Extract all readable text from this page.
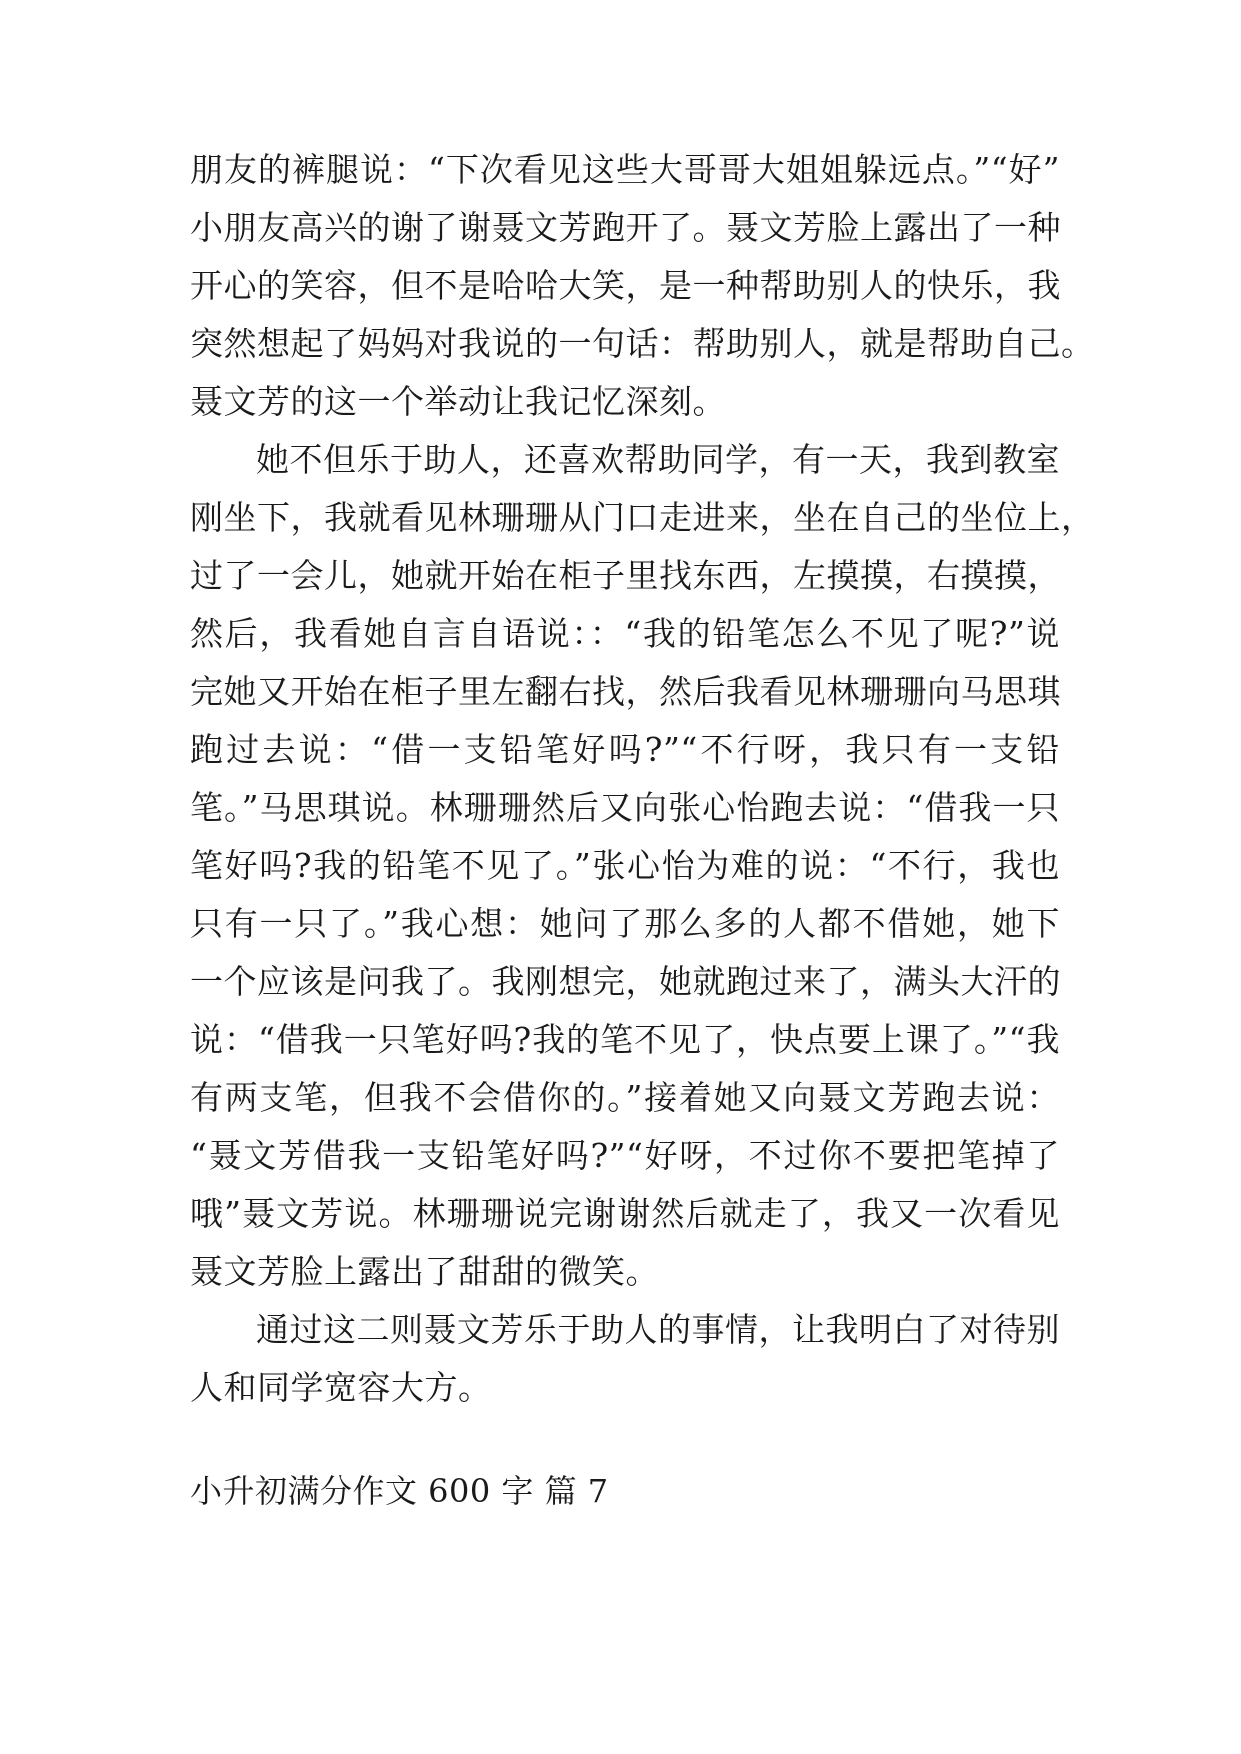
朋友的裤腿说：“下次看见这些大哥哥大姐姐躲远点。”“好”
小朋友高兴的谢了谢聂文芳跑开了。聂文芳脸上露出了一种
开心的笑容，但不是哈哈大笑，是一种帮助别人的快乐，我
突然想起了妈妈对我说的一句话：帮助别人，就是帮助自己。
聂文芳的这一个举动让我记忆深刻。
她不但乐于助人，还喜欢帮助同学，有一天，我到教室
刚坐下，我就看见林珊珊从门口走进来，坐在自己的坐位上，
过了一会儿，她就开始在柜子里找东西，左摸摸，右摸摸，
然后，我看她自言自语说：：“我的铅笔怎么不见了呢?”说
完她又开始在柜子里左翻右找，然后我看见林珊珊向马思琪
跑过去说：“借一支铅笔好吗?”“不行呀，我只有一支铅
笔。”马思琪说。林珊珊然后又向张心怡跑去说：“借我一只
笔好吗?我的铅笔不见了。”张心怡为难的说：“不行，我也
只有一只了。”我心想：她问了那么多的人都不借她，她下
一个应该是问我了。我刚想完，她就跑过来了，满头大汗的
说：“借我一只笔好吗?我的笔不见了，快点要上课了。”“我
有两支笔，但我不会借你的。”接着她又向聂文芳跑去说：
“聂文芳借我一支铅笔好吗?”“好呀，不过你不要把笔掉了
哦”聂文芳说。林珊珊说完谢谢然后就走了，我又一次看见
聂文芳脸上露出了甜甜的微笑。
通过这二则聂文芳乐于助人的事情，让我明白了对待别
人和同学宽容大方。
小升初满分作文 600 字 篇 7
